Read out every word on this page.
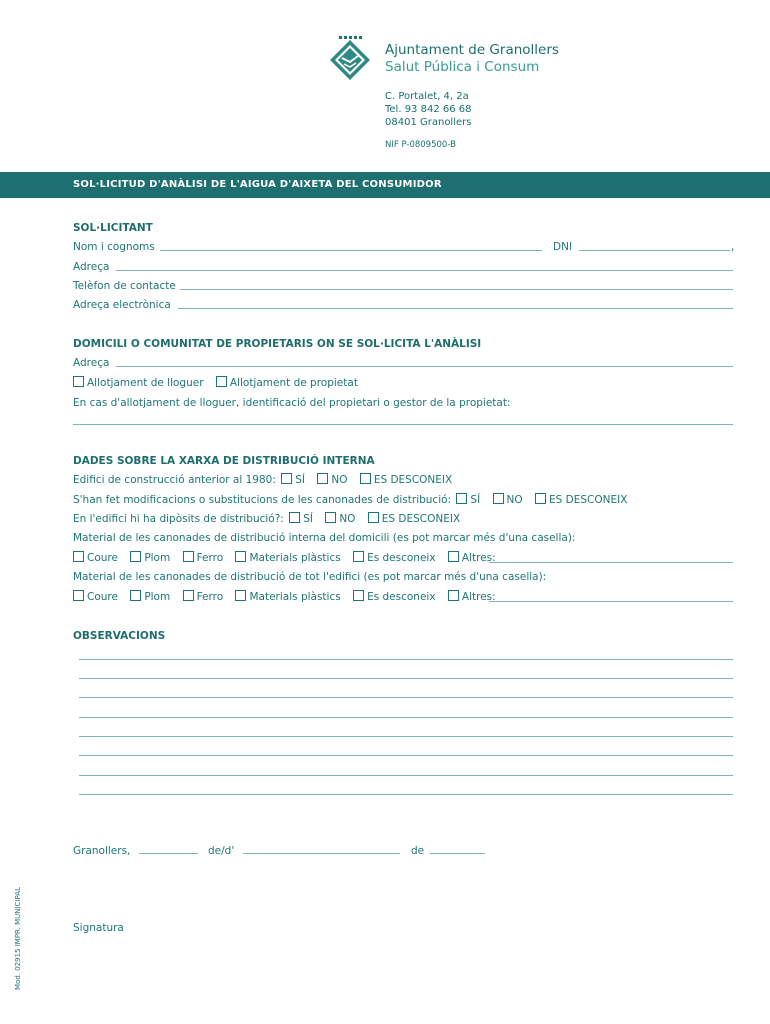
Ajuntament de Granollers
Salut Pública i Consum
C. Portalet, 4, 2a
Tel. 93 842 66 68
08401 Granollers
NIF P-0809500-B
SOL·LICITUD D'ANÀLISI DE L'AIGUA D'AIXETA DEL CONSUMIDOR
SOL·LICITANT
Nom i cognoms	DNI	,
Adreça
Telèfon de contacte
Adreça electrònica
DOMICILI O COMUNITAT DE PROPIETARIS ON SE SOL·LICITA L'ANÀLISI
Adreça
Allotjament de lloguer	Allotjament de propietat
En cas d'allotjament de lloguer, identificació del propietari o gestor de la propietat:
DADES SOBRE LA XARXA DE DISTRIBUCIÓ INTERNA
Edifici de construcció anterior al 1980: SÍ	NO	ES DESCONEIX
S'han fet modificacions o substitucions de les canonades de distribució: SÍ	NO	ES DESCONEIX
En l'edifici hi ha dipòsits de distribució?: SÍ	NO	ES DESCONEIX
Material de les canonades de distribució interna del domicili (es pot marcar més d'una casella):
Coure	Plom	Ferro	Materials plàstics	Es desconeix	Altres:
Material de les canonades de distribució de tot l'edifici (es pot marcar més d'una casella):
Coure	Plom	Ferro	Materials plàstics	Es desconeix	Altres:
OBSERVACIONS
Granollers,	de/d'	de
Signatura
Mod. 02915 IMPR. MUNICIPAL
